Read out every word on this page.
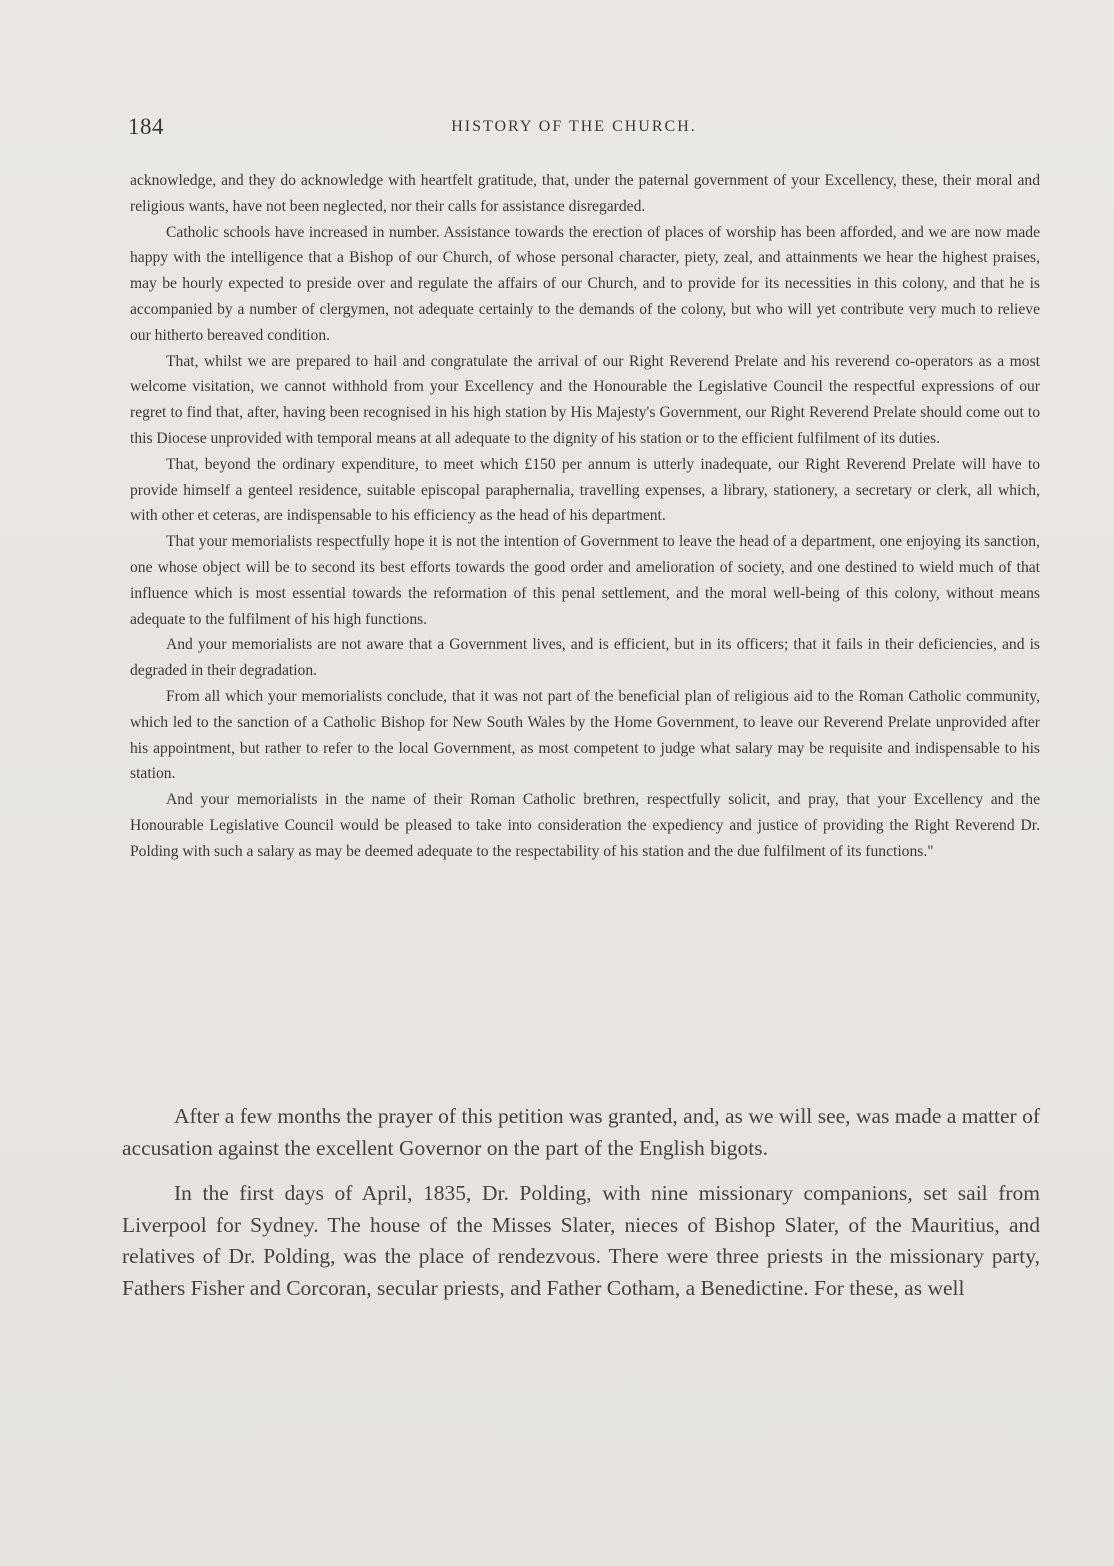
184	HISTORY OF THE CHURCH.

acknowledge, and they do acknowledge with heartfelt gratitude, that, under the paternal government of your Excellency, these, their moral and religious wants, have not been neglected, nor their calls for assistance disregarded.

Catholic schools have increased in number. Assistance towards the erection of places of worship has been afforded, and we are now made happy with the intelligence that a Bishop of our Church, of whose personal character, piety, zeal, and attainments we hear the highest praises, may be hourly expected to preside over and regulate the affairs of our Church, and to provide for its necessities in this colony, and that he is accompanied by a number of clergymen, not adequate certainly to the demands of the colony, but who will yet contribute very much to relieve our hitherto bereaved condition.

That, whilst we are prepared to hail and congratulate the arrival of our Right Reverend Prelate and his reverend co-operators as a most welcome visitation, we cannot withhold from your Excellency and the Honourable the Legislative Council the respectful expressions of our regret to find that, after, having been recognised in his high station by His Majesty's Government, our Right Reverend Prelate should come out to this Diocese unprovided with temporal means at all adequate to the dignity of his station or to the efficient fulfilment of its duties.

That, beyond the ordinary expenditure, to meet which £150 per annum is utterly inadequate, our Right Reverend Prelate will have to provide himself a genteel residence, suitable episcopal paraphernalia, travelling expenses, a library, stationery, a secretary or clerk, all which, with other et ceteras, are indispensable to his efficiency as the head of his department.

That your memorialists respectfully hope it is not the intention of Government to leave the head of a department, one enjoying its sanction, one whose object will be to second its best efforts towards the good order and amelioration of society, and one destined to wield much of that influence which is most essential towards the reformation of this penal settlement, and the moral well-being of this colony, without means adequate to the fulfilment of his high functions.

And your memorialists are not aware that a Government lives, and is efficient, but in its officers; that it fails in their deficiencies, and is degraded in their degradation.

From all which your memorialists conclude, that it was not part of the beneficial plan of religious aid to the Roman Catholic community, which led to the sanction of a Catholic Bishop for New South Wales by the Home Government, to leave our Reverend Prelate unprovided after his appointment, but rather to refer to the local Government, as most competent to judge what salary may be requisite and indispensable to his station.

And your memorialists in the name of their Roman Catholic brethren, respectfully solicit, and pray, that your Excellency and the Honourable Legislative Council would be pleased to take into consideration the expediency and justice of providing the Right Reverend Dr. Polding with such a salary as may be deemed adequate to the respectability of his station and the due fulfilment of its functions."

After a few months the prayer of this petition was granted, and, as we will see, was made a matter of accusation against the excellent Governor on the part of the English bigots.

In the first days of April, 1835, Dr. Polding, with nine missionary companions, set sail from Liverpool for Sydney. The house of the Misses Slater, nieces of Bishop Slater, of the Mauritius, and relatives of Dr. Polding, was the place of rendezvous. There were three priests in the missionary party, Fathers Fisher and Corcoran, secular priests, and Father Cotham, a Benedictine. For these, as well
